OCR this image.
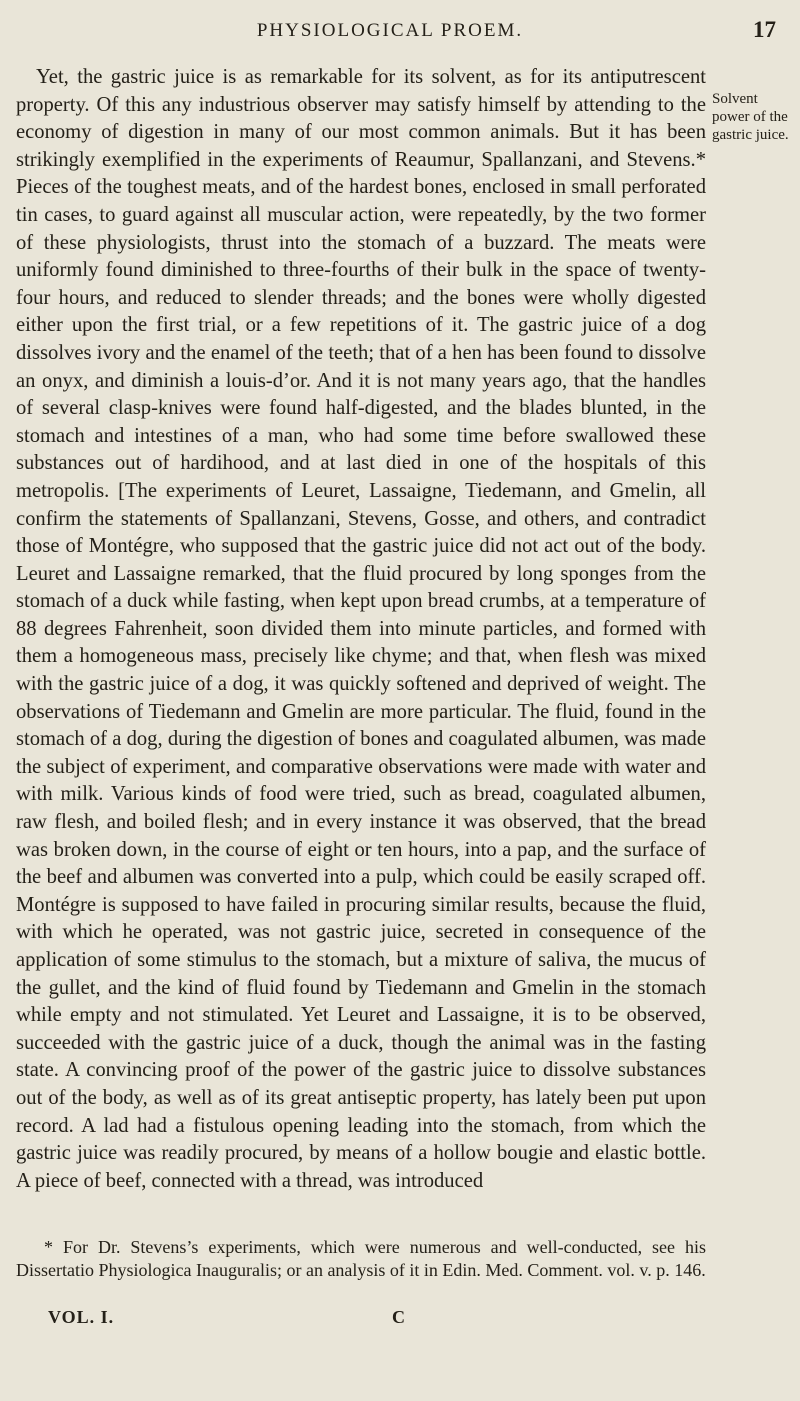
PHYSIOLOGICAL PROEM.	17
Yet, the gastric juice is as remarkable for its solvent, as for its antiputrescent property. Of this any industrious observer may satisfy himself by attending to the economy of digestion in many of our most common animals. But it has been strikingly exemplified in the experiments of Reaumur, Spallanzani, and Stevens.* Pieces of the toughest meats, and of the hardest bones, enclosed in small perforated tin cases, to guard against all muscular action, were repeatedly, by the two former of these physiologists, thrust into the stomach of a buzzard. The meats were uniformly found diminished to three-fourths of their bulk in the space of twenty-four hours, and reduced to slender threads; and the bones were wholly digested either upon the first trial, or a few repetitions of it. The gastric juice of a dog dissolves ivory and the enamel of the teeth; that of a hen has been found to dissolve an onyx, and diminish a louis-d’or. And it is not many years ago, that the handles of several clasp-knives were found half-digested, and the blades blunted, in the stomach and intestines of a man, who had some time before swallowed these substances out of hardihood, and at last died in one of the hospitals of this metropolis. [The experiments of Leuret, Lassaigne, Tiedemann, and Gmelin, all confirm the statements of Spallanzani, Stevens, Gosse, and others, and contradict those of Montégre, who supposed that the gastric juice did not act out of the body. Leuret and Lassaigne remarked, that the fluid procured by long sponges from the stomach of a duck while fasting, when kept upon bread crumbs, at a temperature of 88 degrees Fahrenheit, soon divided them into minute particles, and formed with them a homogeneous mass, precisely like chyme; and that, when flesh was mixed with the gastric juice of a dog, it was quickly softened and deprived of weight. The observations of Tiedemann and Gmelin are more particular. The fluid, found in the stomach of a dog, during the digestion of bones and coagulated albumen, was made the subject of experiment, and comparative observations were made with water and with milk. Various kinds of food were tried, such as bread, coagulated albumen, raw flesh, and boiled flesh; and in every instance it was observed, that the bread was broken down, in the course of eight or ten hours, into a pap, and the surface of the beef and albumen was converted into a pulp, which could be easily scraped off. Montégre is supposed to have failed in procuring similar results, because the fluid, with which he operated, was not gastric juice, secreted in consequence of the application of some stimulus to the stomach, but a mixture of saliva, the mucus of the gullet, and the kind of fluid found by Tiedemann and Gmelin in the stomach while empty and not stimulated. Yet Leuret and Lassaigne, it is to be observed, succeeded with the gastric juice of a duck, though the animal was in the fasting state. A convincing proof of the power of the gastric juice to dissolve substances out of the body, as well as of its great antiseptic property, has lately been put upon record. A lad had a fistulous opening leading into the stomach, from which the gastric juice was readily procured, by means of a hollow bougie and elastic bottle. A piece of beef, connected with a thread, was introduced
Solvent power of the gastric juice.
* For Dr. Stevens’s experiments, which were numerous and well-conducted, see his Dissertatio Physiologica Inauguralis; or an analysis of it in Edin. Med. Comment. vol. v. p. 146.
VOL. I.	C
